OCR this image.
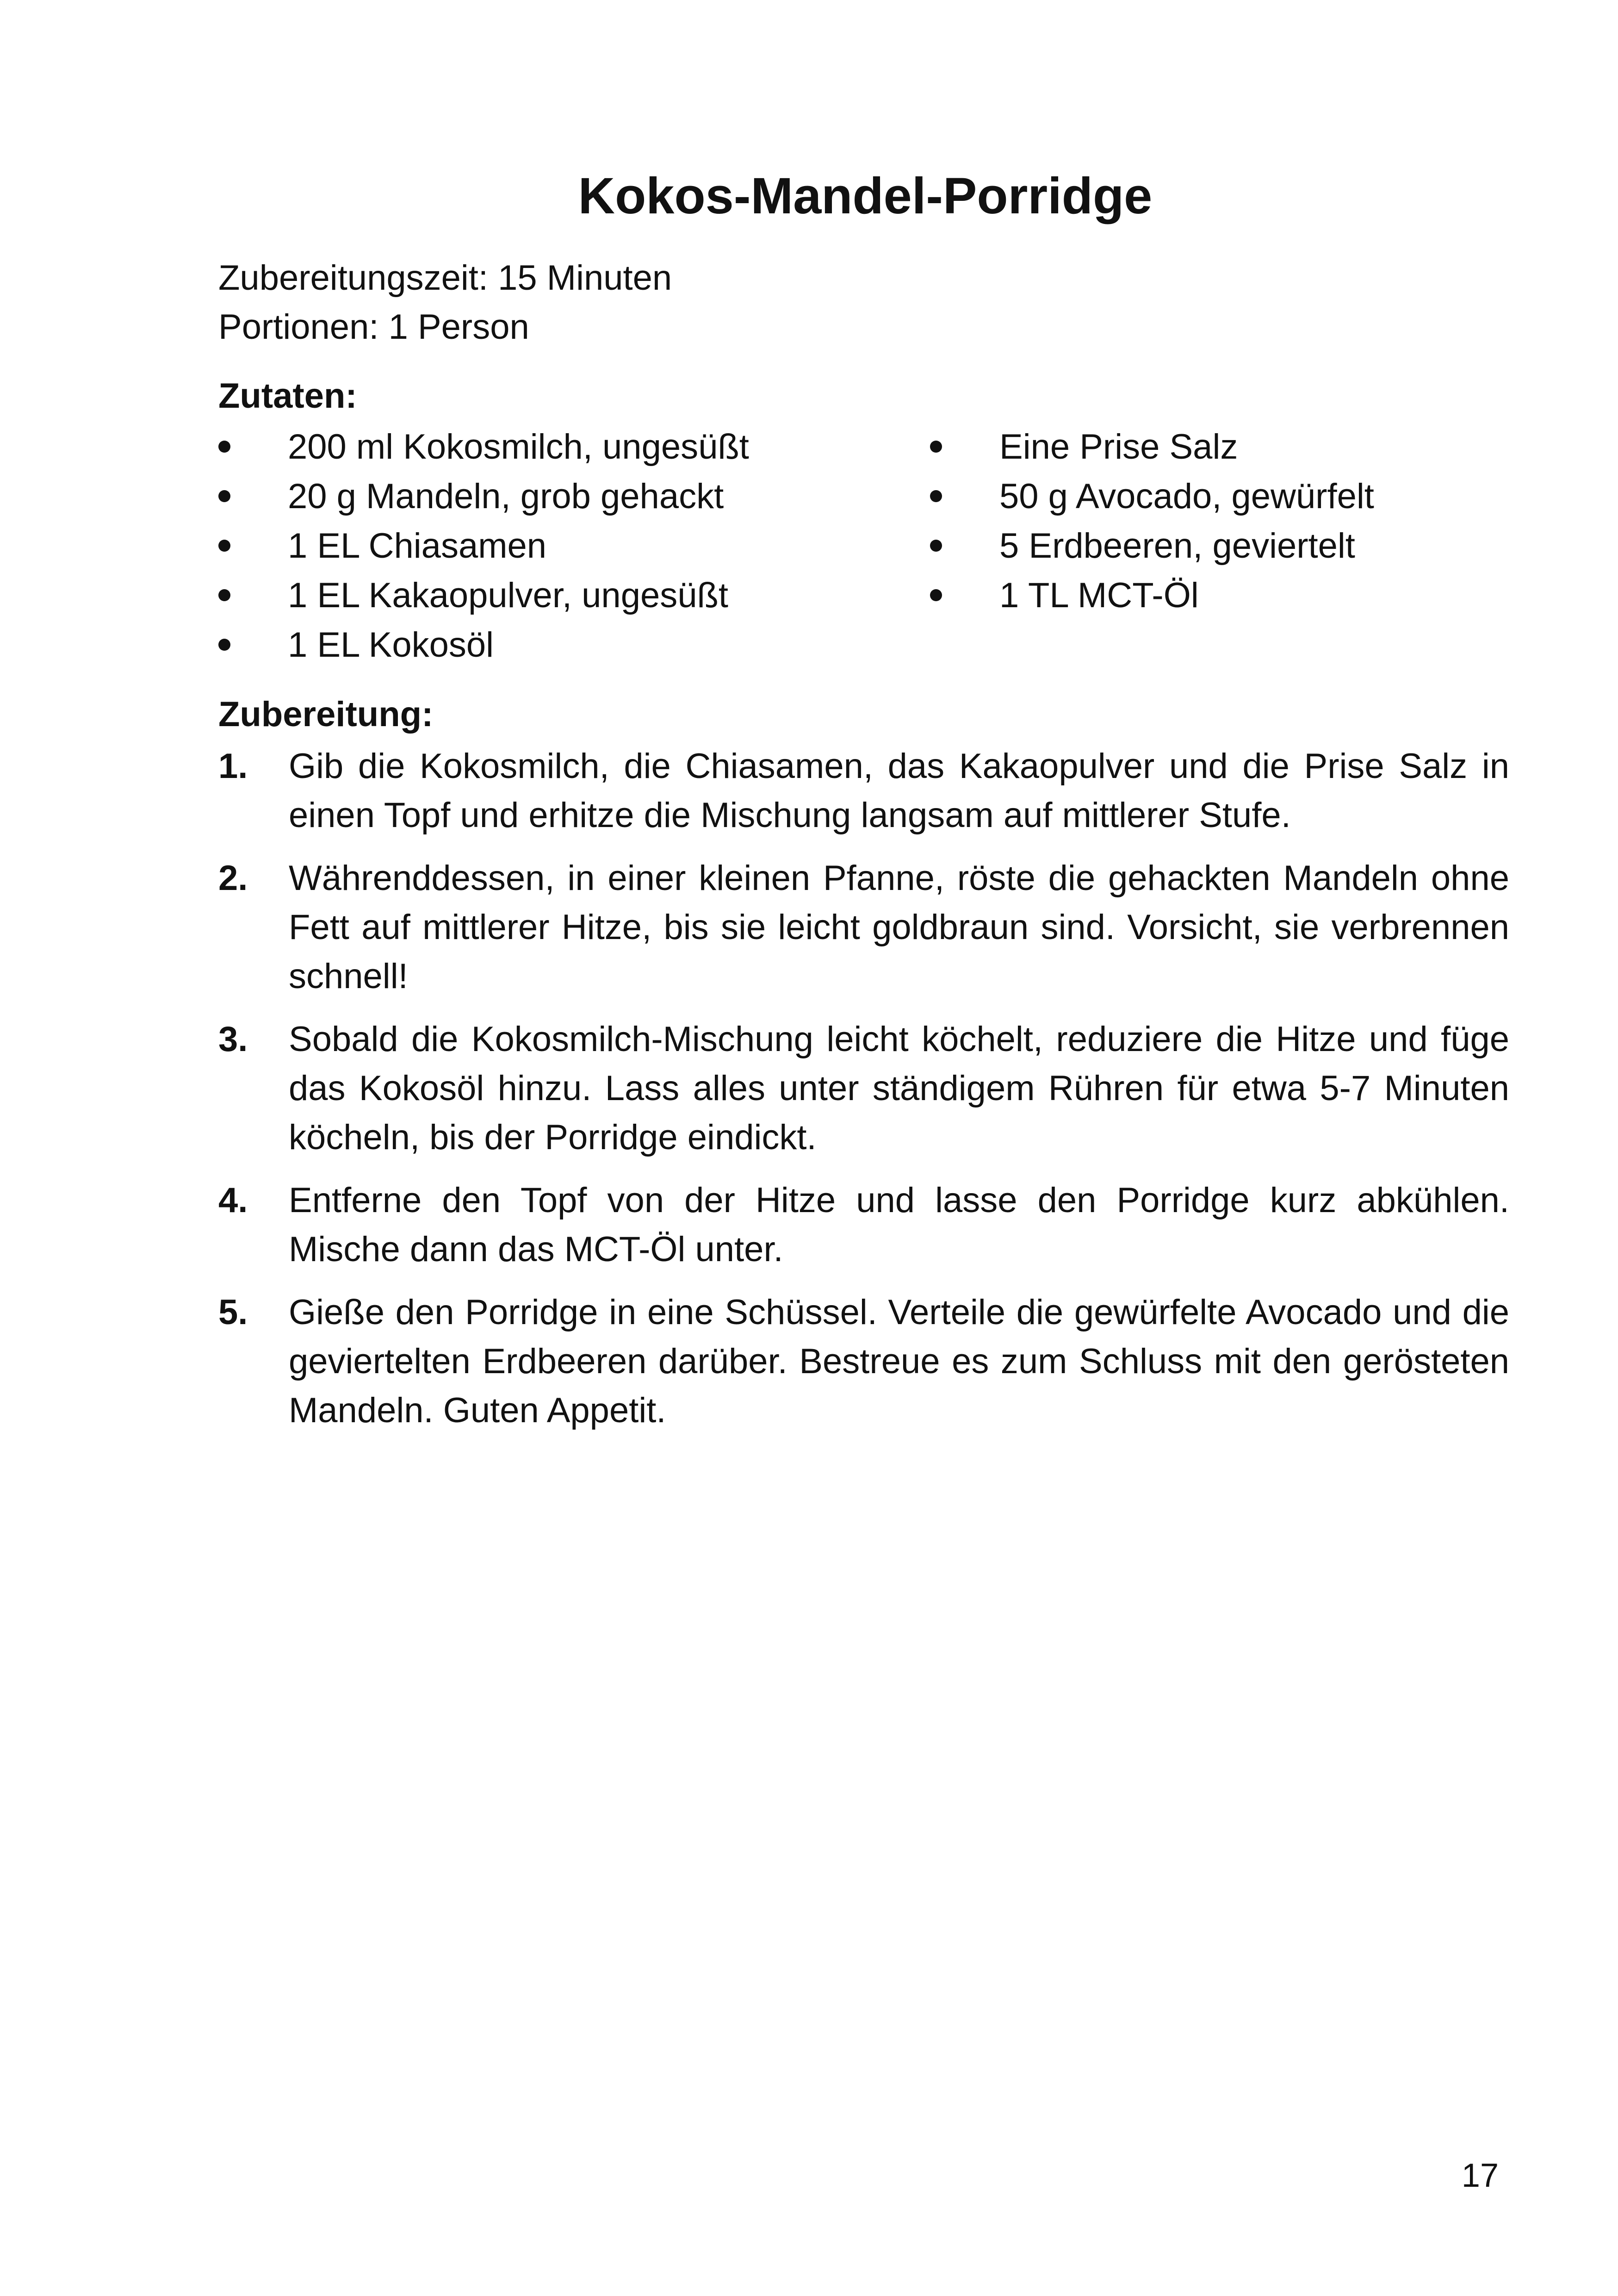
Kokos-Mandel-Porridge
Zubereitungszeit: 15 Minuten
Portionen: 1 Person
Zutaten:
200 ml Kokosmilch, ungesüßt
20 g Mandeln, grob gehackt
1 EL Chiasamen
1 EL Kakaopulver, ungesüßt
1 EL Kokosöl
Eine Prise Salz
50 g Avocado, gewürfelt
5 Erdbeeren, geviertelt
1 TL MCT-Öl
Zubereitung:
1. Gib die Kokosmilch, die Chiasamen, das Kakaopulver und die Prise Salz in einen Topf und erhitze die Mischung langsam auf mittlerer Stufe.
2. Währenddessen, in einer kleinen Pfanne, röste die gehackten Mandeln ohne Fett auf mittlerer Hitze, bis sie leicht goldbraun sind. Vorsicht, sie verbrennen schnell!
3. Sobald die Kokosmilch-Mischung leicht köchelt, reduziere die Hitze und füge das Kokosöl hinzu. Lass alles unter ständigem Rühren für etwa 5-7 Minuten köcheln, bis der Porridge eindickt.
4. Entferne den Topf von der Hitze und lasse den Porridge kurz abkühlen. Mische dann das MCT-Öl unter.
5. Gieße den Porridge in eine Schüssel. Verteile die gewürfelte Avocado und die geviertelten Erdbeeren darüber. Bestreue es zum Schluss mit den gerösteten Mandeln. Guten Appetit.
17
